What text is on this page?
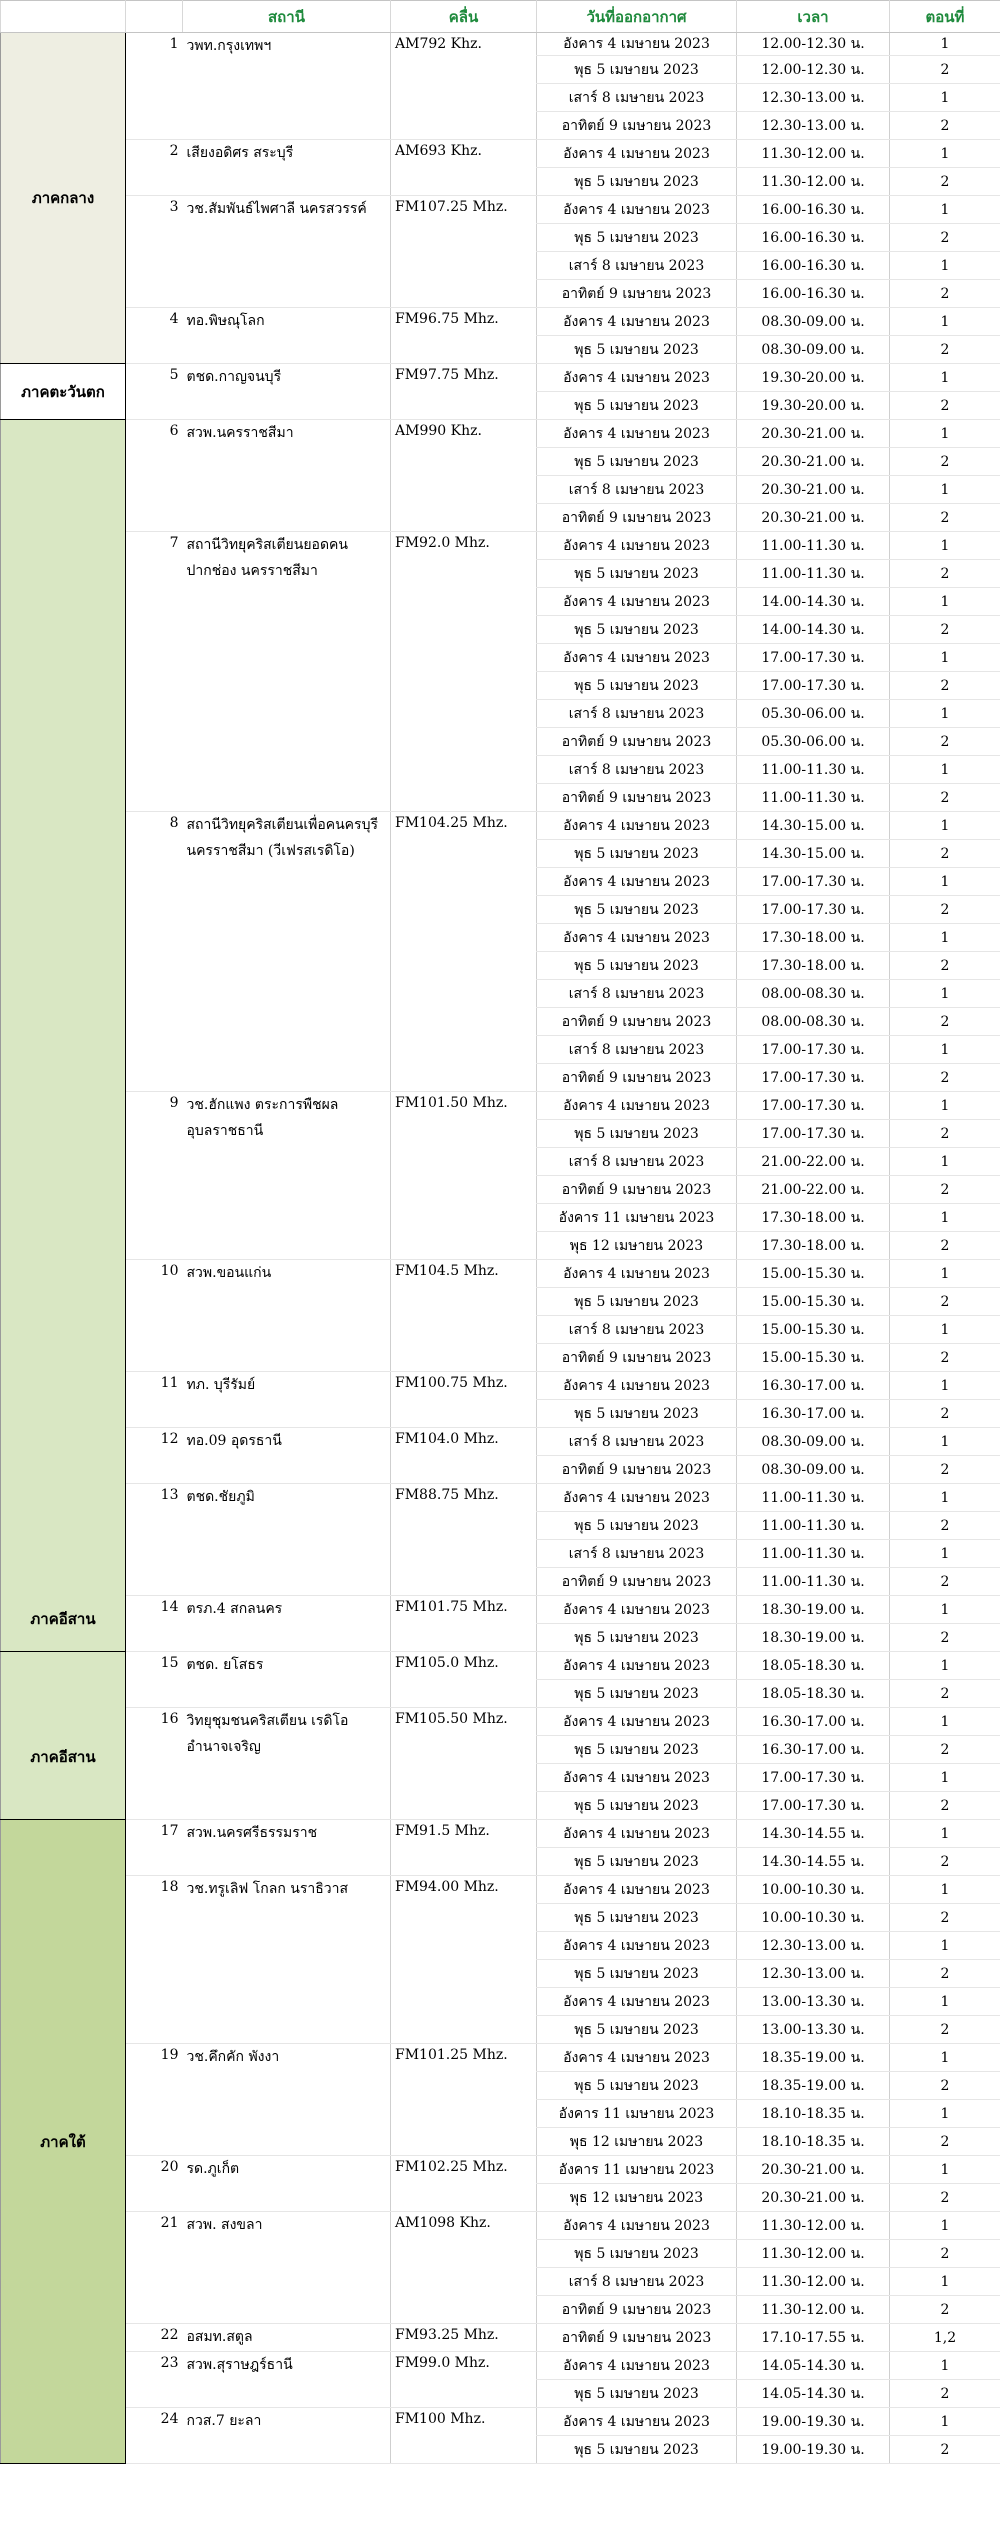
		สถานี	คลื่น	วันที่ออกอากาศ	เวลา	ตอนที่
ภาคกลาง	1	วพท.กรุงเทพฯ	AM792 Khz.	อังคาร 4 เมษายน 2023	12.00-12.30 น.	1
				พุธ 5 เมษายน 2023	12.00-12.30 น.	2
				เสาร์ 8 เมษายน 2023	12.30-13.00 น.	1
				อาทิตย์ 9 เมษายน 2023	12.30-13.00 น.	2
	2	เสียงอดิศร สระบุรี	AM693 Khz.	อังคาร 4 เมษายน 2023	11.30-12.00 น.	1
				พุธ 5 เมษายน 2023	11.30-12.00 น.	2
	3	วช.สัมพันธ์ไพศาลี นครสวรรค์	FM107.25 Mhz.	อังคาร 4 เมษายน 2023	16.00-16.30 น.	1
				พุธ 5 เมษายน 2023	16.00-16.30 น.	2
				เสาร์ 8 เมษายน 2023	16.00-16.30 น.	1
				อาทิตย์ 9 เมษายน 2023	16.00-16.30 น.	2
	4	ทอ.พิษณุโลก	FM96.75 Mhz.	อังคาร 4 เมษายน 2023	08.30-09.00 น.	1
				พุธ 5 เมษายน 2023	08.30-09.00 น.	2
ภาคตะวันตก	5	ตชด.กาญจนบุรี	FM97.75 Mhz.	อังคาร 4 เมษายน 2023	19.30-20.00 น.	1
				พุธ 5 เมษายน 2023	19.30-20.00 น.	2
ภาคอีสาน	6	สวพ.นครราชสีมา	AM990 Khz.	อังคาร 4 เมษายน 2023	20.30-21.00 น.	1
				พุธ 5 เมษายน 2023	20.30-21.00 น.	2
				เสาร์ 8 เมษายน 2023	20.30-21.00 น.	1
				อาทิตย์ 9 เมษายน 2023	20.30-21.00 น.	2
	7	สถานีวิทยุคริสเตียนยอดคน
ปากช่อง นครราชสีมา	FM92.0 Mhz.	อังคาร 4 เมษายน 2023	11.00-11.30 น.	1
				พุธ 5 เมษายน 2023	11.00-11.30 น.	2
				อังคาร 4 เมษายน 2023	14.00-14.30 น.	1
				พุธ 5 เมษายน 2023	14.00-14.30 น.	2
				อังคาร 4 เมษายน 2023	17.00-17.30 น.	1
				พุธ 5 เมษายน 2023	17.00-17.30 น.	2
				เสาร์ 8 เมษายน 2023	05.30-06.00 น.	1
				อาทิตย์ 9 เมษายน 2023	05.30-06.00 น.	2
				เสาร์ 8 เมษายน 2023	11.00-11.30 น.	1
				อาทิตย์ 9 เมษายน 2023	11.00-11.30 น.	2
	8	สถานีวิทยุคริสเตียนเพื่อคนครบุรี
นครราชสีมา (วีเฟรสเรดิโอ)	FM104.25 Mhz.	อังคาร 4 เมษายน 2023	14.30-15.00 น.	1
				พุธ 5 เมษายน 2023	14.30-15.00 น.	2
				อังคาร 4 เมษายน 2023	17.00-17.30 น.	1
				พุธ 5 เมษายน 2023	17.00-17.30 น.	2
				อังคาร 4 เมษายน 2023	17.30-18.00 น.	1
				พุธ 5 เมษายน 2023	17.30-18.00 น.	2
				เสาร์ 8 เมษายน 2023	08.00-08.30 น.	1
				อาทิตย์ 9 เมษายน 2023	08.00-08.30 น.	2
				เสาร์ 8 เมษายน 2023	17.00-17.30 น.	1
				อาทิตย์ 9 เมษายน 2023	17.00-17.30 น.	2
	9	วช.ฮักแพง ตระการพืชผล
อุบลราชธานี	FM101.50 Mhz.	อังคาร 4 เมษายน 2023	17.00-17.30 น.	1
				พุธ 5 เมษายน 2023	17.00-17.30 น.	2
				เสาร์ 8 เมษายน 2023	21.00-22.00 น.	1
				อาทิตย์ 9 เมษายน 2023	21.00-22.00 น.	2
				อังคาร 11 เมษายน 2023	17.30-18.00 น.	1
				พุธ 12 เมษายน 2023	17.30-18.00 น.	2
	10	สวพ.ขอนแก่น	FM104.5 Mhz.	อังคาร 4 เมษายน 2023	15.00-15.30 น.	1
				พุธ 5 เมษายน 2023	15.00-15.30 น.	2
				เสาร์ 8 เมษายน 2023	15.00-15.30 น.	1
				อาทิตย์ 9 เมษายน 2023	15.00-15.30 น.	2
	11	ทภ. บุรีรัมย์	FM100.75 Mhz.	อังคาร 4 เมษายน 2023	16.30-17.00 น.	1
				พุธ 5 เมษายน 2023	16.30-17.00 น.	2
	12	ทอ.09 อุดรธานี	FM104.0 Mhz.	เสาร์ 8 เมษายน 2023	08.30-09.00 น.	1
				อาทิตย์ 9 เมษายน 2023	08.30-09.00 น.	2
	13	ตชด.ชัยภูมิ	FM88.75 Mhz.	อังคาร 4 เมษายน 2023	11.00-11.30 น.	1
				พุธ 5 เมษายน 2023	11.00-11.30 น.	2
				เสาร์ 8 เมษายน 2023	11.00-11.30 น.	1
				อาทิตย์ 9 เมษายน 2023	11.00-11.30 น.	2
	14	ตรภ.4 สกลนคร	FM101.75 Mhz.	อังคาร 4 เมษายน 2023	18.30-19.00 น.	1
				พุธ 5 เมษายน 2023	18.30-19.00 น.	2
ภาคอีสาน	15	ตชด. ยโสธร	FM105.0 Mhz.	อังคาร 4 เมษายน 2023	18.05-18.30 น.	1
				พุธ 5 เมษายน 2023	18.05-18.30 น.	2
	16	วิทยุชุมชนคริสเตียน เรดิโอ
อำนาจเจริญ	FM105.50 Mhz.	อังคาร 4 เมษายน 2023	16.30-17.00 น.	1
				พุธ 5 เมษายน 2023	16.30-17.00 น.	2
				อังคาร 4 เมษายน 2023	17.00-17.30 น.	1
				พุธ 5 เมษายน 2023	17.00-17.30 น.	2
ภาคใต้	17	สวพ.นครศรีธรรมราช	FM91.5 Mhz.	อังคาร 4 เมษายน 2023	14.30-14.55 น.	1
				พุธ 5 เมษายน 2023	14.30-14.55 น.	2
	18	วช.ทรูเลิฟ โกลก นราธิวาส	FM94.00 Mhz.	อังคาร 4 เมษายน 2023	10.00-10.30 น.	1
				พุธ 5 เมษายน 2023	10.00-10.30 น.	2
				อังคาร 4 เมษายน 2023	12.30-13.00 น.	1
				พุธ 5 เมษายน 2023	12.30-13.00 น.	2
				อังคาร 4 เมษายน 2023	13.00-13.30 น.	1
				พุธ 5 เมษายน 2023	13.00-13.30 น.	2
	19	วช.คึกคัก พังงา	FM101.25 Mhz.	อังคาร 4 เมษายน 2023	18.35-19.00 น.	1
				พุธ 5 เมษายน 2023	18.35-19.00 น.	2
				อังคาร 11 เมษายน 2023	18.10-18.35 น.	1
				พุธ 12 เมษายน 2023	18.10-18.35 น.	2
	20	รด.ภูเก็ต	FM102.25 Mhz.	อังคาร 11 เมษายน 2023	20.30-21.00 น.	1
				พุธ 12 เมษายน 2023	20.30-21.00 น.	2
	21	สวพ. สงขลา	AM1098 Khz.	อังคาร 4 เมษายน 2023	11.30-12.00 น.	1
				พุธ 5 เมษายน 2023	11.30-12.00 น.	2
				เสาร์ 8 เมษายน 2023	11.30-12.00 น.	1
				อาทิตย์ 9 เมษายน 2023	11.30-12.00 น.	2
	22	อสมท.สตูล	FM93.25 Mhz.	อาทิตย์ 9 เมษายน 2023	17.10-17.55 น.	1,2
	23	สวพ.สุราษฎร์ธานี	FM99.0 Mhz.	อังคาร 4 เมษายน 2023	14.05-14.30 น.	1
				พุธ 5 เมษายน 2023	14.05-14.30 น.	2
	24	กวส.7 ยะลา	FM100 Mhz.	อังคาร 4 เมษายน 2023	19.00-19.30 น.	1
				พุธ 5 เมษายน 2023	19.00-19.30 น.	2
